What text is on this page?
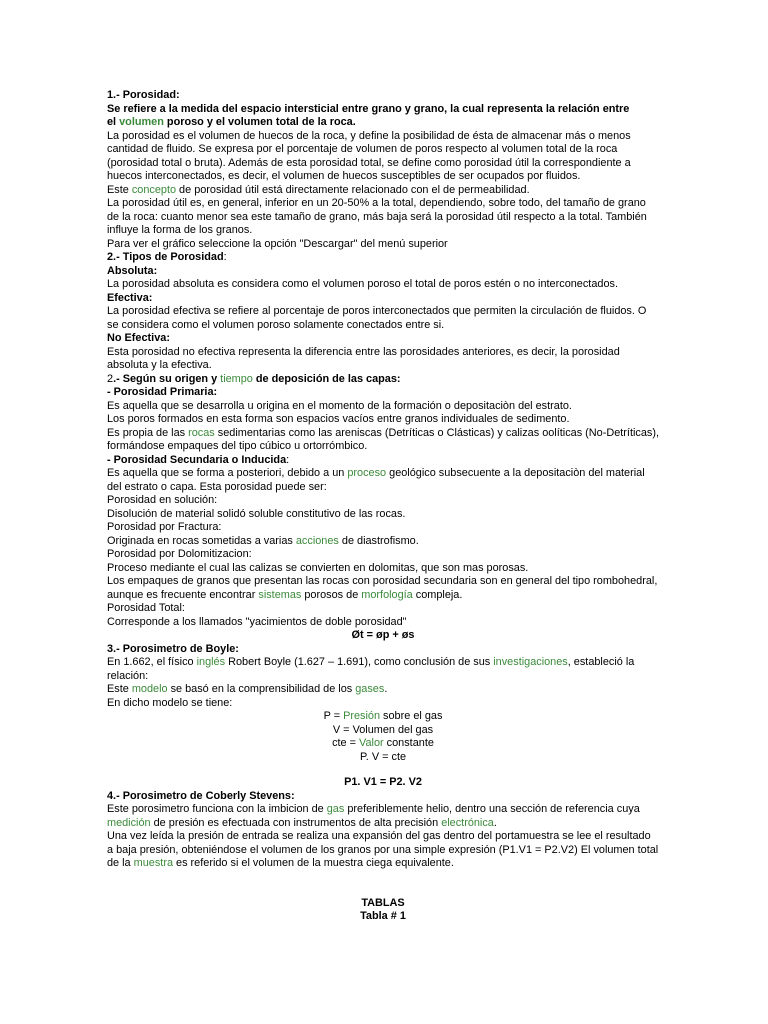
1.- Porosidad:

Se refiere a la medida del espacio intersticial entre grano y grano, la cual representa la relación entre

el volumen poroso y el volumen total de la roca.

La porosidad es el volumen de huecos de la roca, y define la posibilidad de ésta de almacenar más o menos cantidad de fluido. Se expresa por el porcentaje de volumen de poros respecto al volumen total de la roca (porosidad total o bruta). Además de esta porosidad total, se define como porosidad útil la correspondiente a huecos interconectados, es decir, el volumen de huecos susceptibles de ser ocupados por fluidos.

Este concepto de porosidad útil está directamente relacionado con el de permeabilidad.

La porosidad útil es, en general, inferior en un 20-50% a la total, dependiendo, sobre todo, del tamaño de grano de la roca: cuanto menor sea este tamaño de grano, más baja será la porosidad útil respecto a la total. También influye la forma de los granos.

Para ver el gráfico seleccione la opción "Descargar" del menú superior

2.- Tipos de Porosidad:

Absoluta:

La porosidad absoluta es considera como el volumen poroso el total de poros estén o no interconectados.

Efectiva:

La porosidad efectiva se refiere al porcentaje de poros interconectados que permiten la circulación de fluidos. O se considera como el volumen poroso solamente conectados entre si.

No Efectiva:

Esta porosidad no efectiva representa la diferencia entre las porosidades anteriores, es decir, la porosidad absoluta y la efectiva.

2.- Según su origen y tiempo de deposición de las capas:

- Porosidad Primaria:

Es aquella que se desarrolla u origina en el momento de la formación o depositaciòn del estrato.

Los poros formados en esta forma son espacios vacíos entre granos individuales de sedimento.

Es propia de las rocas sedimentarias como las areniscas (Detríticas o Clásticas) y calizas oolíticas (No-Detríticas), formándose empaques del tipo cúbico u ortorrómbico.

- Porosidad Secundaria o Inducida:

Es aquella que se forma a posteriori, debido a un proceso geológico subsecuente a la depositaciòn del material del estrato o capa. Esta porosidad puede ser:

Porosidad en solución:

Disolución de material solidó soluble constitutivo de las rocas.

Porosidad por Fractura:

Originada en rocas sometidas a varias acciones de diastrofismo.

Porosidad por Dolomitizacion:

Proceso mediante el cual las calizas se convierten en dolomitas, que son mas porosas.

Los empaques de granos que presentan las rocas con porosidad secundaria son en general del tipo rombohedral, aunque es frecuente encontrar sistemas porosos de morfología compleja.

Porosidad Total:

Corresponde a los llamados "yacimientos de doble porosidad"

Øt = øp + øs

3.- Porosimetro de Boyle:

En 1.662, el físico inglés Robert Boyle (1.627 – 1.691), como conclusión de sus investigaciones, estableció la relación:

Este modelo se basó en la comprensibilidad de los gases.

En dicho modelo se tiene:

P = Presión sobre el gas

V = Volumen del gas

cte = Valor constante

P. V = cte

P1. V1 = P2. V2

4.- Porosimetro de Coberly Stevens:

Este porosimetro funciona con la imbicion de gas preferiblemente helio, dentro una sección de referencia cuya medición de presión es efectuada con instrumentos de alta precisión electrónica.

Una vez leída la presión de entrada se realiza una expansión del gas dentro del portamuestra se lee el resultado a baja presión, obteniéndose el volumen de los granos por una simple expresión (P1.V1 = P2.V2) El volumen total de la muestra es referido si el volumen de la muestra ciega equivalente.

TABLAS

Tabla # 1
